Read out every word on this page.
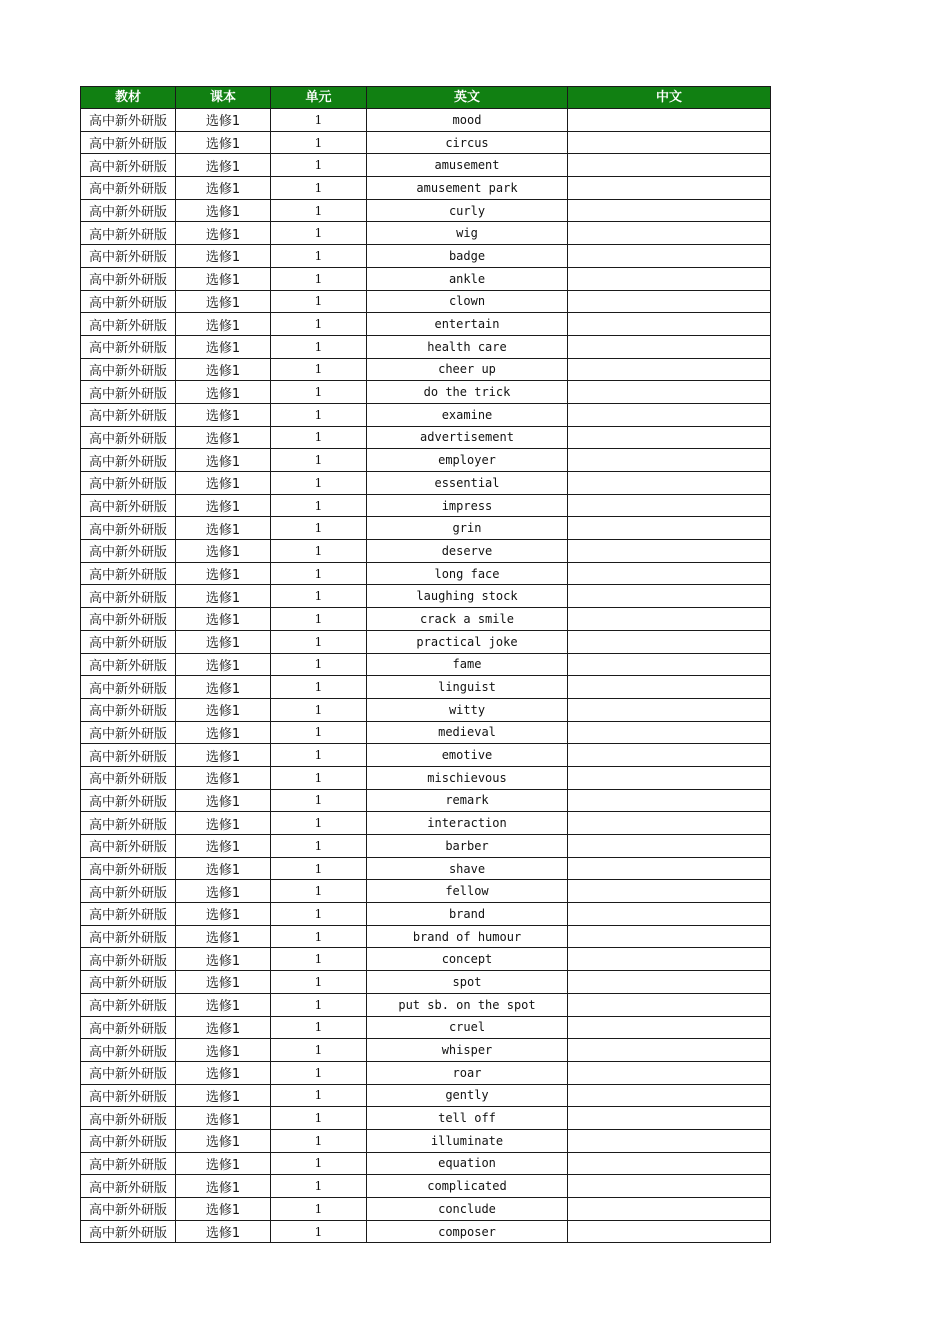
教材	课本	单元	英文	中文
高中新外研版	选修1	1	mood	
高中新外研版	选修1	1	circus	
高中新外研版	选修1	1	amusement	
高中新外研版	选修1	1	amusement park	
高中新外研版	选修1	1	curly	
高中新外研版	选修1	1	wig	
高中新外研版	选修1	1	badge	
高中新外研版	选修1	1	ankle	
高中新外研版	选修1	1	clown	
高中新外研版	选修1	1	entertain	
高中新外研版	选修1	1	health care	
高中新外研版	选修1	1	cheer up	
高中新外研版	选修1	1	do the trick	
高中新外研版	选修1	1	examine	
高中新外研版	选修1	1	advertisement	
高中新外研版	选修1	1	employer	
高中新外研版	选修1	1	essential	
高中新外研版	选修1	1	impress	
高中新外研版	选修1	1	grin	
高中新外研版	选修1	1	deserve	
高中新外研版	选修1	1	long face	
高中新外研版	选修1	1	laughing stock	
高中新外研版	选修1	1	crack a smile	
高中新外研版	选修1	1	practical joke	
高中新外研版	选修1	1	fame	
高中新外研版	选修1	1	linguist	
高中新外研版	选修1	1	witty	
高中新外研版	选修1	1	medieval	
高中新外研版	选修1	1	emotive	
高中新外研版	选修1	1	mischievous	
高中新外研版	选修1	1	remark	
高中新外研版	选修1	1	interaction	
高中新外研版	选修1	1	barber	
高中新外研版	选修1	1	shave	
高中新外研版	选修1	1	fellow	
高中新外研版	选修1	1	brand	
高中新外研版	选修1	1	brand of humour	
高中新外研版	选修1	1	concept	
高中新外研版	选修1	1	spot	
高中新外研版	选修1	1	put sb. on the spot	
高中新外研版	选修1	1	cruel	
高中新外研版	选修1	1	whisper	
高中新外研版	选修1	1	roar	
高中新外研版	选修1	1	gently	
高中新外研版	选修1	1	tell off	
高中新外研版	选修1	1	illuminate	
高中新外研版	选修1	1	equation	
高中新外研版	选修1	1	complicated	
高中新外研版	选修1	1	conclude	
高中新外研版	选修1	1	composer	
